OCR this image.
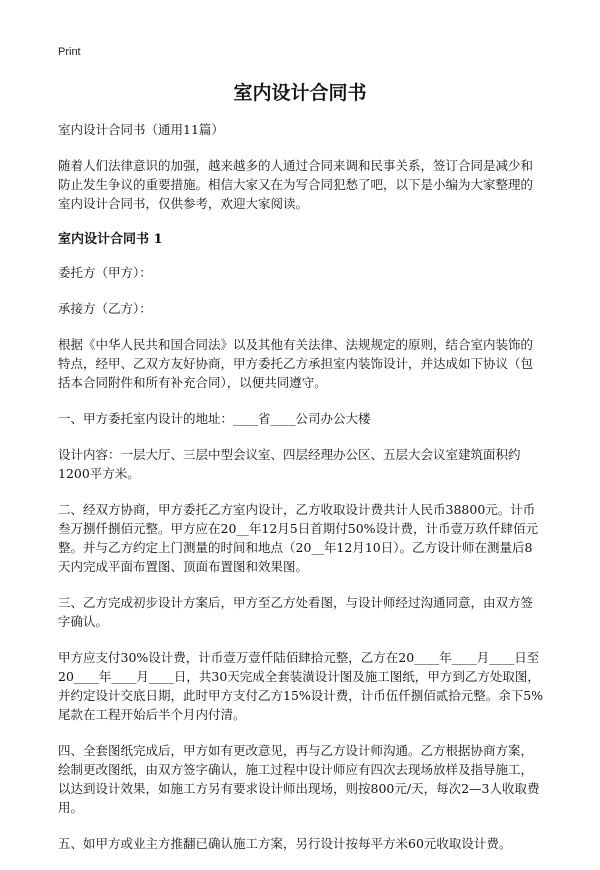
Print
室内设计合同书

室内设计合同书（通用11篇）

随着人们法律意识的加强，越来越多的人通过合同来调和民事关系，签订合同是减少和防止发生争议的重要措施。相信大家又在为写合同犯愁了吧，以下是小编为大家整理的室内设计合同书，仅供参考，欢迎大家阅读。

室内设计合同书 1

委托方（甲方）：

承接方（乙方）：

根据《中华人民共和国合同法》以及其他有关法律、法规规定的原则，结合室内装饰的特点，经甲、乙双方友好协商，甲方委托乙方承担室内装饰设计，并达成如下协议（包括本合同附件和所有补充合同），以便共同遵守。

一、甲方委托室内设计的地址：____省____公司办公大楼

设计内容：一层大厅、三层中型会议室、四层经理办公区、五层大会议室建筑面积约1200平方米。

二、经双方协商，甲方委托乙方室内设计，乙方收取设计费共计人民币38800元。计币叁万捌仟捌佰元整。甲方应在20__年12月5日首期付50%设计费，计币壹万玖仟肆佰元整。并与乙方约定上门测量的时间和地点（20__年12月10日）。乙方设计师在测量后8天内完成平面布置图、顶面布置图和效果图。

三、乙方完成初步设计方案后，甲方至乙方处看图，与设计师经过沟通同意，由双方签字确认。

甲方应支付30%设计费，计币壹万壹仟陆佰肆拾元整，乙方在20____年____月____日至20____年____月____日，共30天完成全套装潢设计图及施工图纸，甲方到乙方处取图，并约定设计交底日期，此时甲方支付乙方15%设计费，计币伍仟捌佰贰拾元整。余下5%尾款在工程开始后半个月内付清。

四、全套图纸完成后，甲方如有更改意见，再与乙方设计师沟通。乙方根据协商方案，绘制更改图纸，由双方签字确认，施工过程中设计师应有四次去现场放样及指导施工，以达到设计效果，如施工方另有要求设计师出现场，则按800元/天，每次2—3人收取费用。

五、如甲方或业主方推翻已确认施工方案，另行设计按每平方米60元收取设计费。
